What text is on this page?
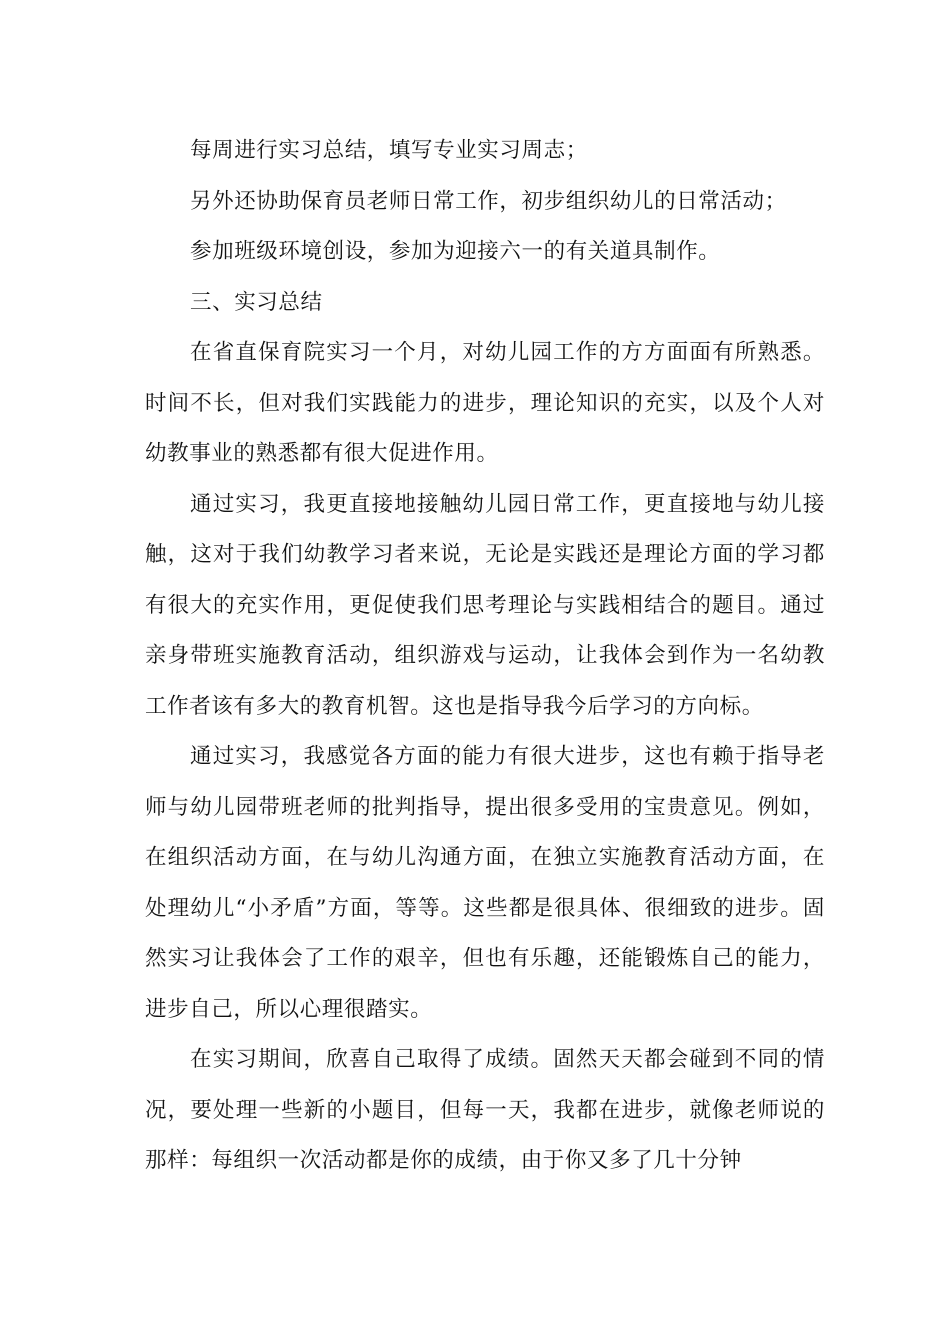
每周进行实习总结，填写专业实习周志；

另外还协助保育员老师日常工作，初步组织幼儿的日常活动；

参加班级环境创设，参加为迎接六一的有关道具制作。

三、实习总结

在省直保育院实习一个月，对幼儿园工作的方方面面有所熟悉。时间不长，但对我们实践能力的进步，理论知识的充实，以及个人对幼教事业的熟悉都有很大促进作用。

通过实习，我更直接地接触幼儿园日常工作，更直接地与幼儿接触，这对于我们幼教学习者来说，无论是实践还是理论方面的学习都有很大的充实作用，更促使我们思考理论与实践相结合的题目。通过亲身带班实施教育活动，组织游戏与运动，让我体会到作为一名幼教工作者该有多大的教育机智。这也是指导我今后学习的方向标。

通过实习，我感觉各方面的能力有很大进步，这也有赖于指导老师与幼儿园带班老师的批判指导，提出很多受用的宝贵意见。例如，在组织活动方面，在与幼儿沟通方面，在独立实施教育活动方面，在处理幼儿“小矛盾”方面，等等。这些都是很具体、很细致的进步。固然实习让我体会了工作的艰辛，但也有乐趣，还能锻炼自己的能力，进步自己，所以心理很踏实。

在实习期间，欣喜自己取得了成绩。固然天天都会碰到不同的情况，要处理一些新的小题目，但每一天，我都在进步，就像老师说的那样：每组织一次活动都是你的成绩，由于你又多了几十分钟
